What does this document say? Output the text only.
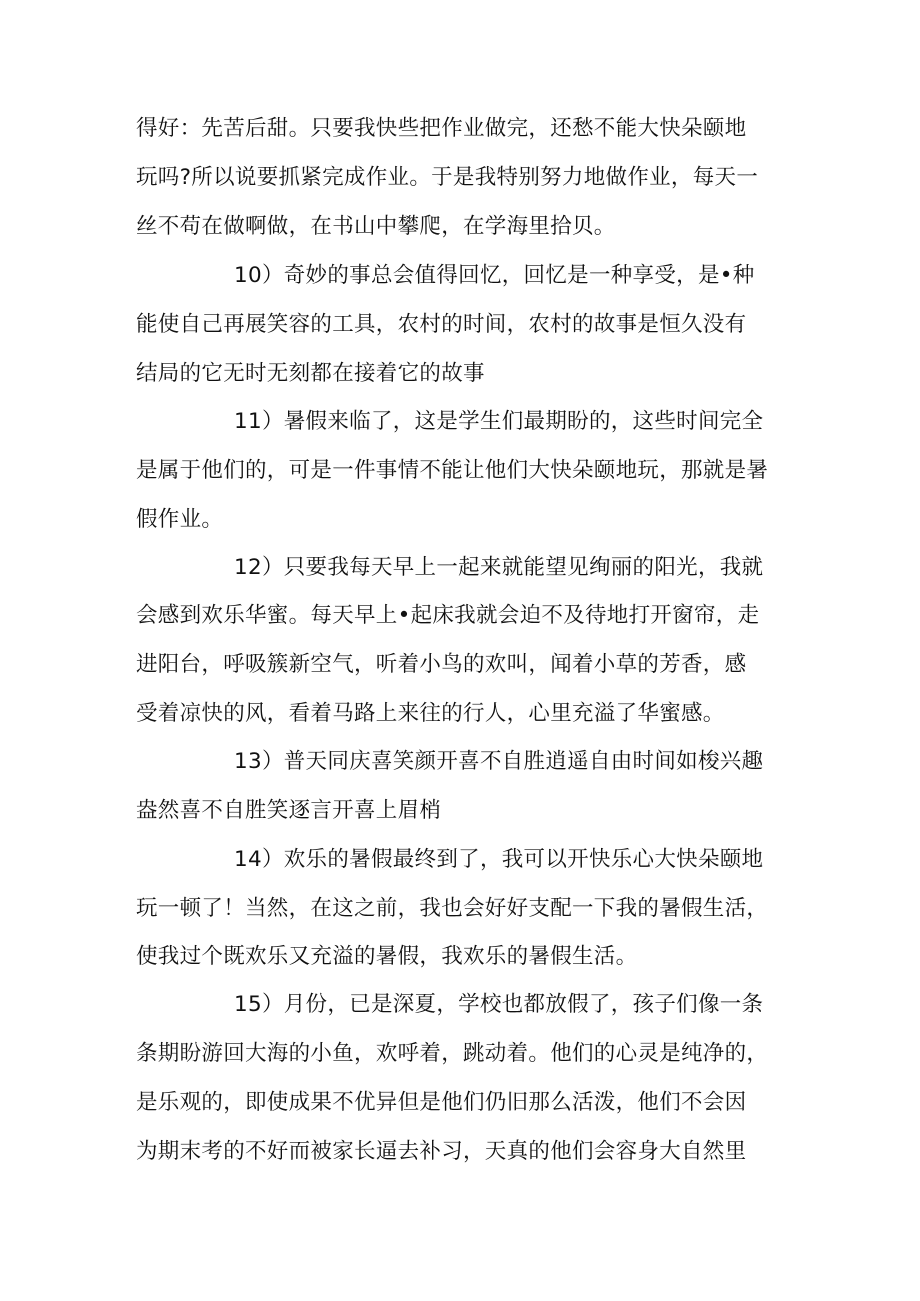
得好：先苦后甜。只要我快些把作业做完，还愁不能大快朵颐地
玩吗?所以说要抓紧完成作业。于是我特别努力地做作业，每天一
丝不苟在做啊做，在书山中攀爬，在学海里拾贝。
10）奇妙的事总会值得回忆，回忆是一种享受，是•种
能使自己再展笑容的工具，农村的时间，农村的故事是恒久没有
结局的它无时无刻都在接着它的故事
11）暑假来临了，这是学生们最期盼的，这些时间完全
是属于他们的，可是一件事情不能让他们大快朵颐地玩，那就是暑
假作业。
12）只要我每天早上一起来就能望见绚丽的阳光，我就
会感到欢乐华蜜。每天早上•起床我就会迫不及待地打开窗帘，走
进阳台，呼吸簇新空气，听着小鸟的欢叫，闻着小草的芳香，感
受着凉快的风，看着马路上来往的行人，心里充溢了华蜜感。
13）普天同庆喜笑颜开喜不自胜逍遥自由时间如梭兴趣
盎然喜不自胜笑逐言开喜上眉梢
14）欢乐的暑假最终到了，我可以开快乐心大快朵颐地
玩一顿了！当然，在这之前，我也会好好支配一下我的暑假生活，
使我过个既欢乐又充溢的暑假，我欢乐的暑假生活。
15）月份，已是深夏，学校也都放假了，孩子们像一条
条期盼游回大海的小鱼，欢呼着，跳动着。他们的心灵是纯净的，
是乐观的，即使成果不优异但是他们仍旧那么活泼，他们不会因
为期末考的不好而被家长逼去补习，天真的他们会容身大自然里
